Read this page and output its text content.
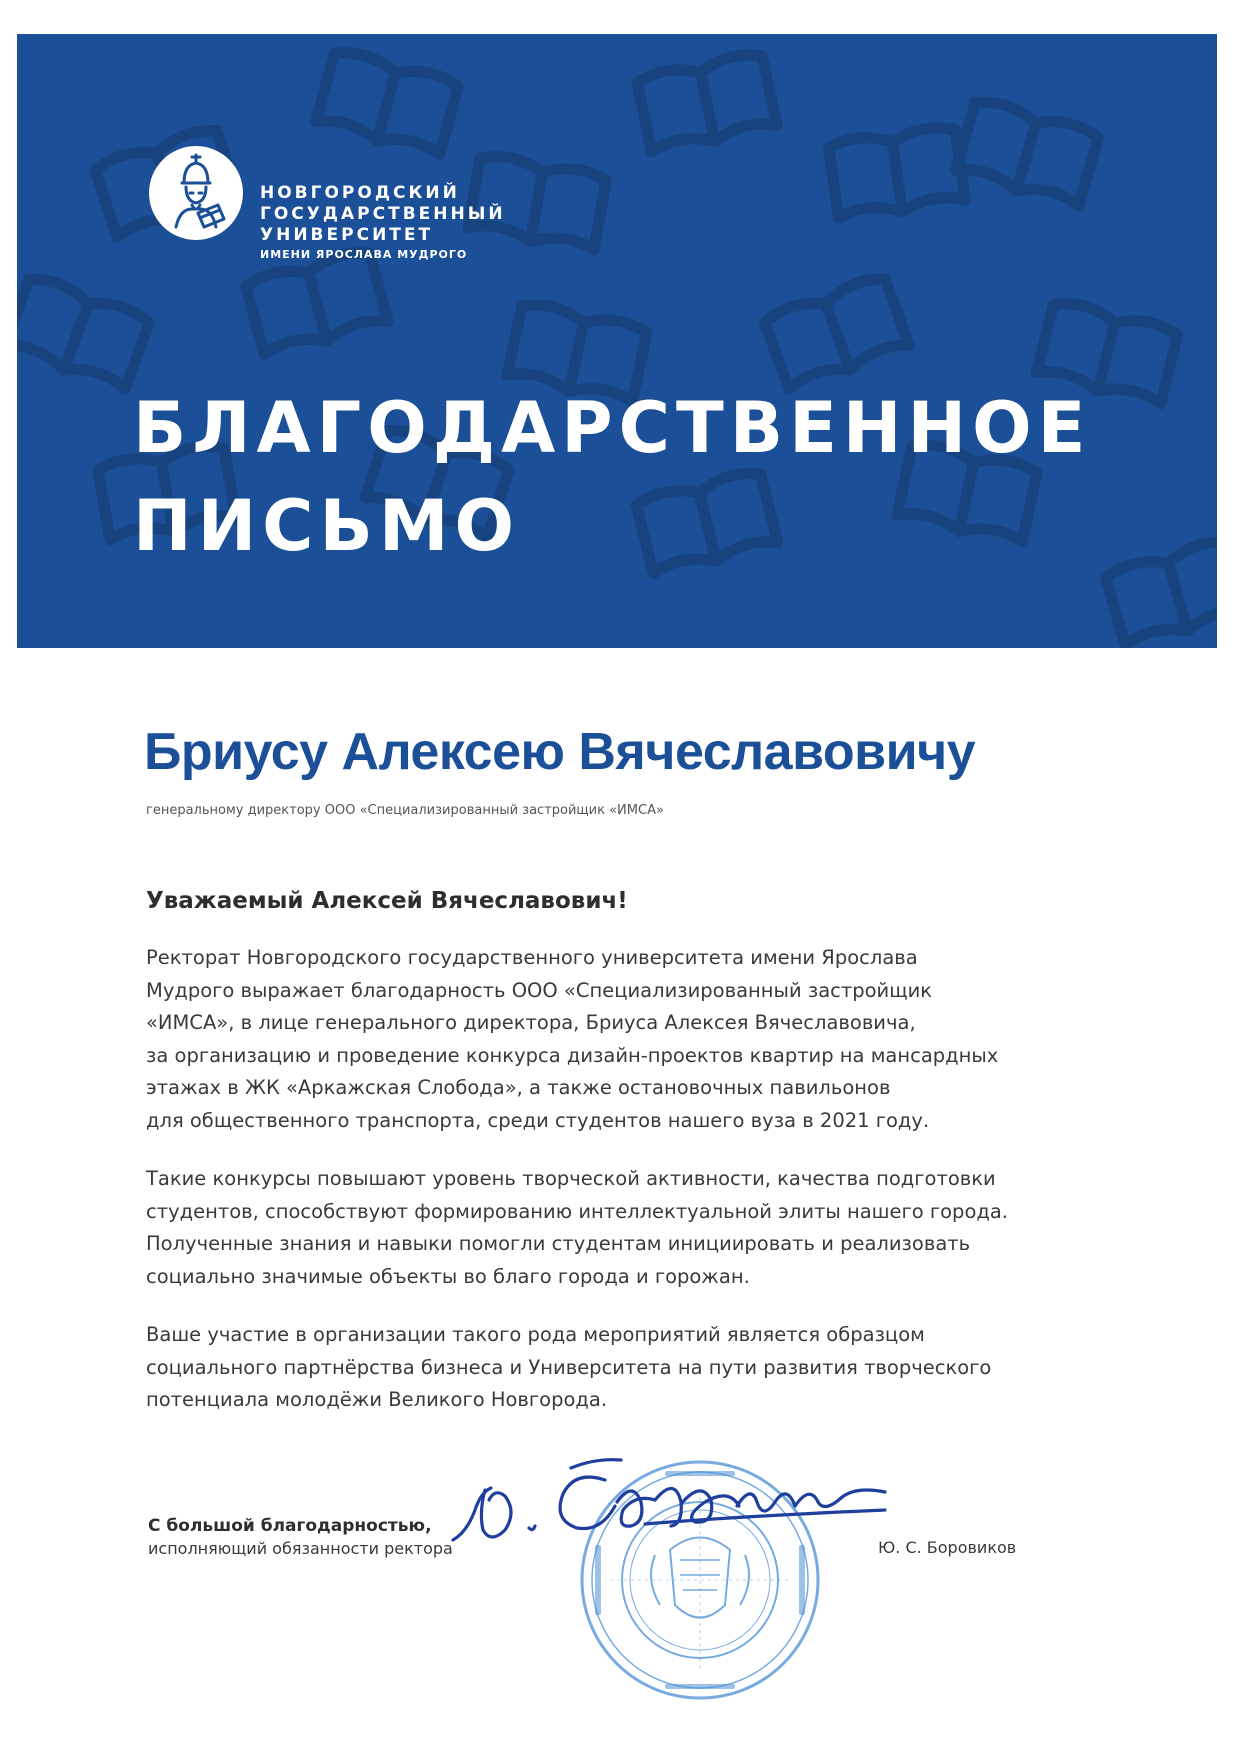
НОВГОРОДСКИЙ
ГОСУДАРСТВЕННЫЙ
УНИВЕРСИТЕТ
ИМЕНИ ЯРОСЛАВА МУДРОГО
БЛАГОДАРСТВЕННОЕ
ПИСЬМО
Бриусу Алексею Вячеславовичу
генеральному директору ООО «Специализированный застройщик «ИМСА»
Уважаемый Алексей Вячеславович!
Ректорат Новгородского государственного университета имени Ярослава
Мудрого выражает благодарность ООО «Специализированный застройщик
«ИМСА», в лице генерального директора, Бриуса Алексея Вячеславовича,
за организацию и проведение конкурса дизайн-проектов квартир на мансардных
этажах в ЖК «Аркажская Слобода», а также остановочных павильонов
для общественного транспорта, среди студентов нашего вуза в 2021 году.
Такие конкурсы повышают уровень творческой активности, качества подготовки
студентов, способствуют формированию интеллектуальной элиты нашего города.
Полученные знания и навыки помогли студентам инициировать и реализовать
социально значимые объекты во благо города и горожан.
Ваше участие в организации такого рода мероприятий является образцом
социального партнёрства бизнеса и Университета на пути развития творческого
потенциала молодёжи Великого Новгорода.
С большой благодарностью,
исполняющий обязанности ректора	Ю. С. Боровиков
